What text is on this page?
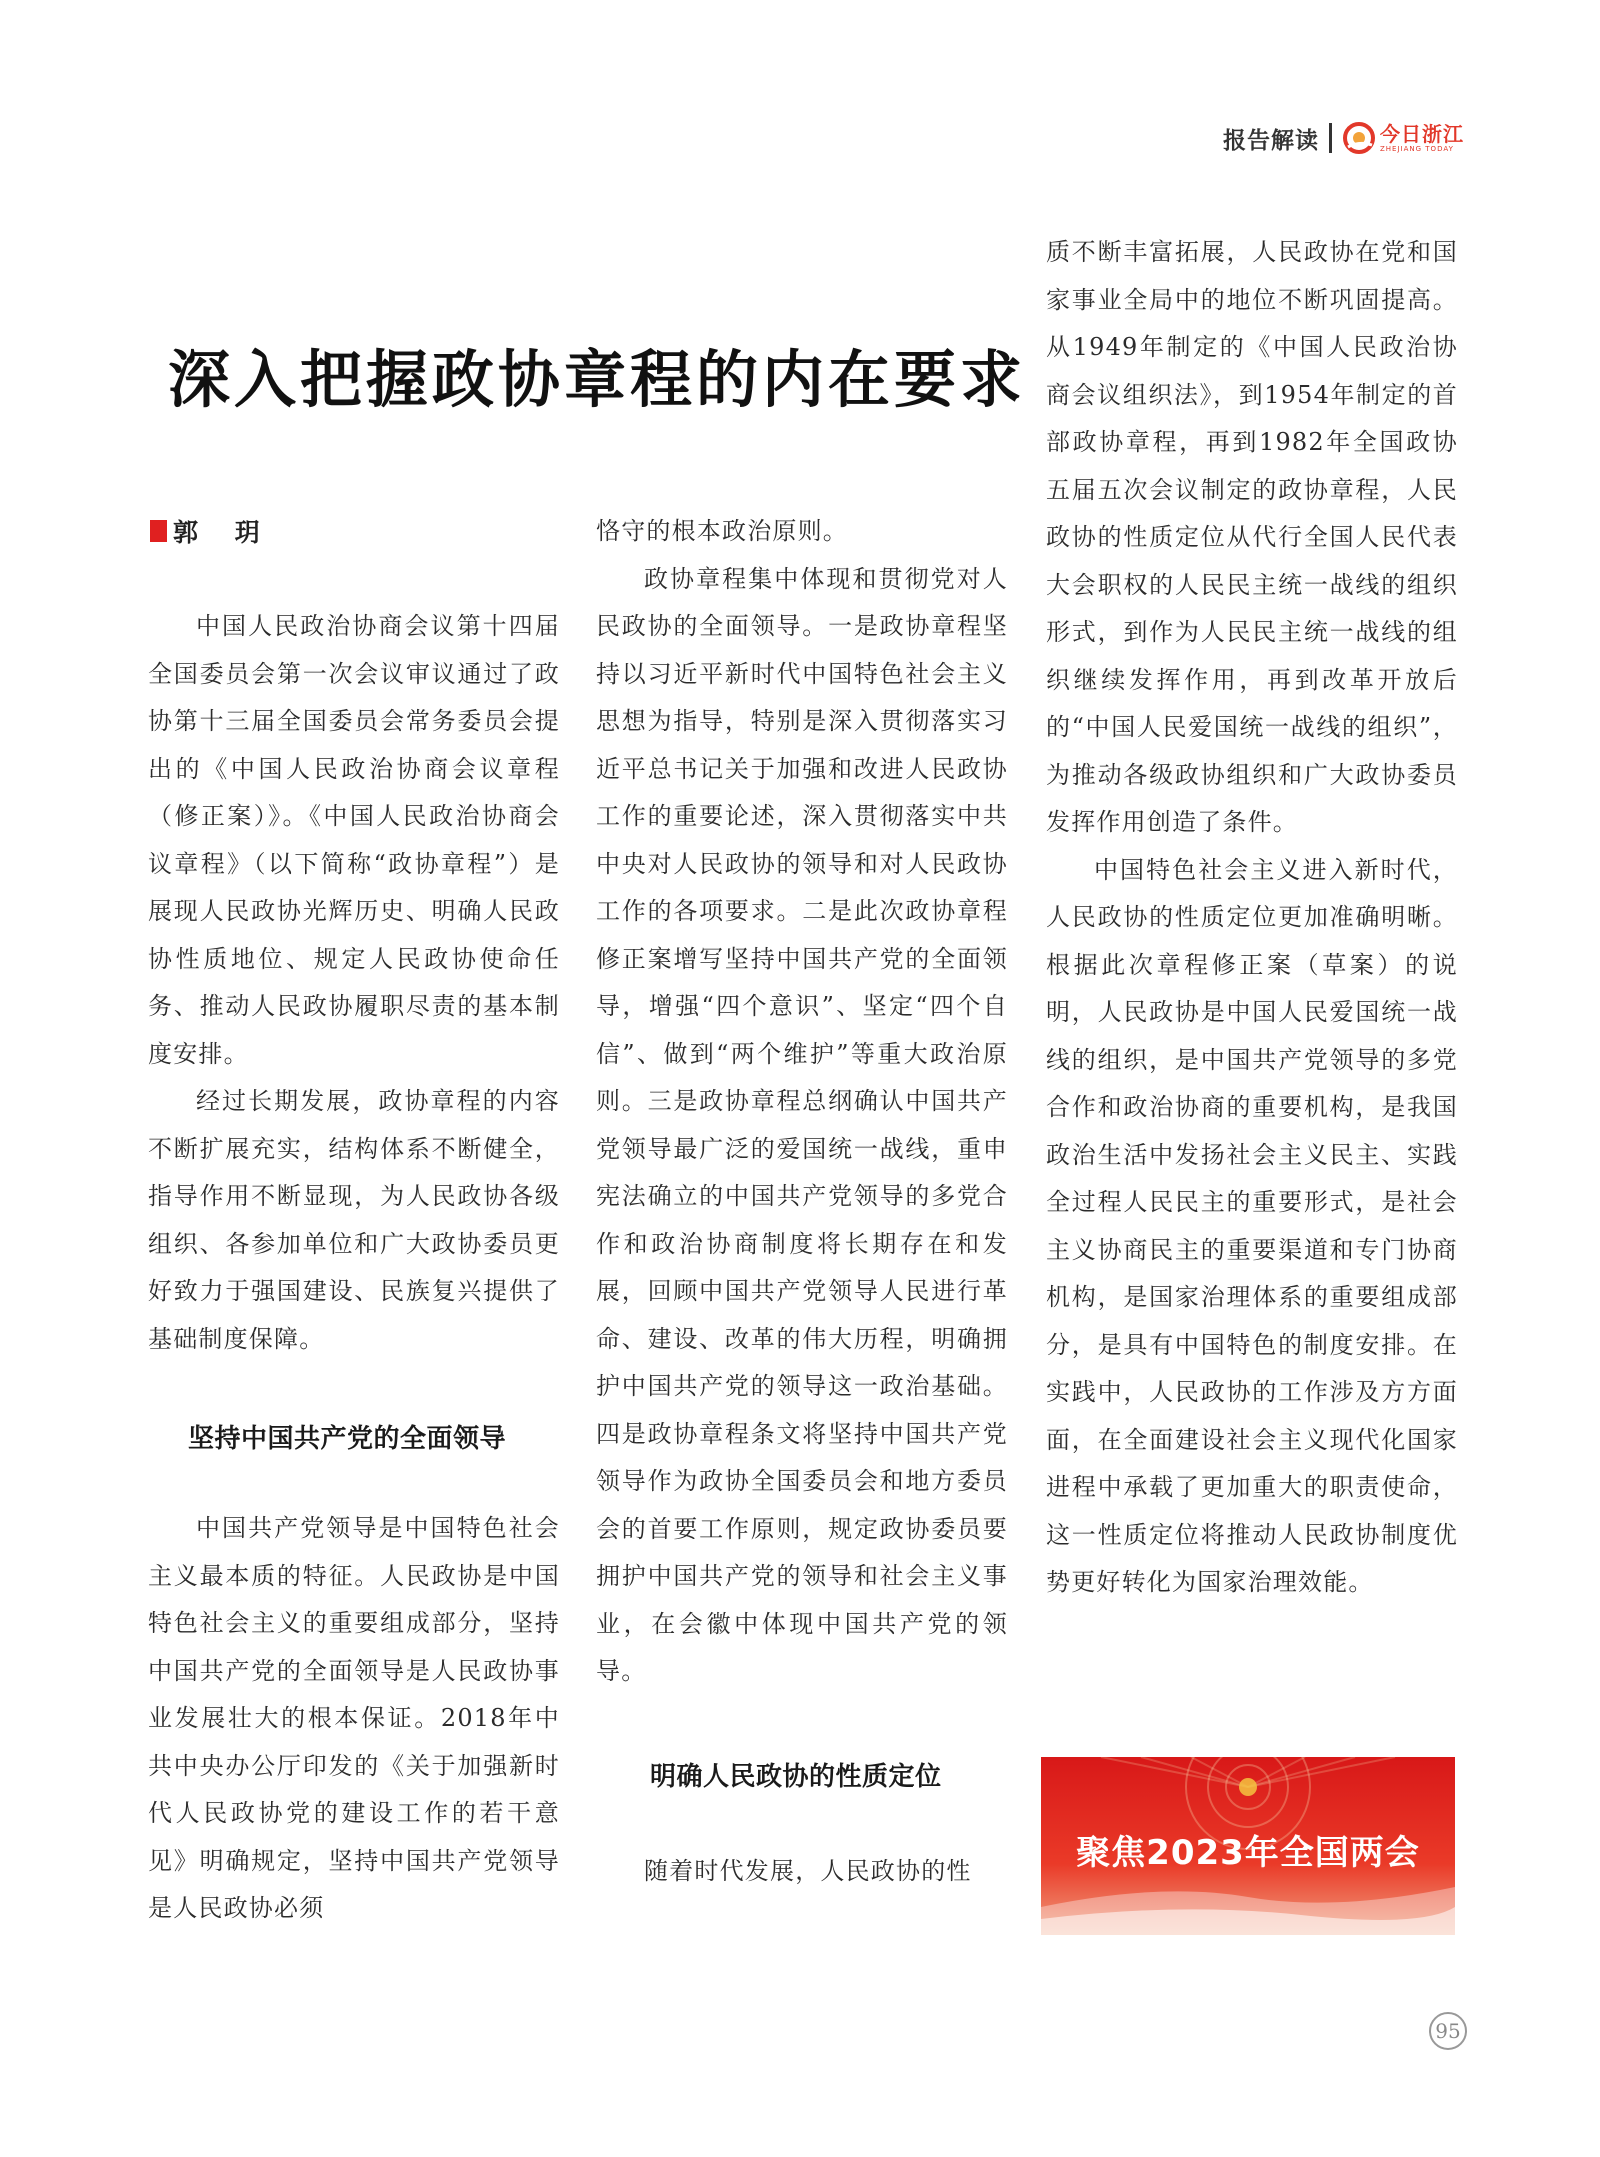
报告解读	今日浙江
ZHEJIANG TODAY
深入把握政协章程的内在要求
郭 玥

中国人民政治协商会议第十四届全国委员会第一次会议审议通过了政协第十三届全国委员会常务委员会提出的《中国人民政治协商会议章程（修正案）》。《中国人民政治协商会议章程》（以下简称“政协章程”）是展现人民政协光辉历史、明确人民政协性质地位、规定人民政协使命任务、推动人民政协履职尽责的基本制度安排。

经过长期发展，政协章程的内容不断扩展充实，结构体系不断健全，指导作用不断显现，为人民政协各级组织、各参加单位和广大政协委员更好致力于强国建设、民族复兴提供了基础制度保障。

坚持中国共产党的全面领导

中国共产党领导是中国特色社会主义最本质的特征。人民政协是中国特色社会主义的重要组成部分，坚持中国共产党的全面领导是人民政协事业发展壮大的根本保证。2018年中共中央办公厅印发的《关于加强新时代人民政协党的建设工作的若干意见》明确规定，坚持中国共产党领导是人民政协必须

恪守的根本政治原则。

政协章程集中体现和贯彻党对人民政协的全面领导。一是政协章程坚持以习近平新时代中国特色社会主义思想为指导，特别是深入贯彻落实习近平总书记关于加强和改进人民政协工作的重要论述，深入贯彻落实中共中央对人民政协的领导和对人民政协工作的各项要求。二是此次政协章程修正案增写坚持中国共产党的全面领导，增强“四个意识”、坚定“四个自信”、做到“两个维护”等重大政治原则。三是政协章程总纲确认中国共产党领导最广泛的爱国统一战线，重申宪法确立的中国共产党领导的多党合作和政治协商制度将长期存在和发展，回顾中国共产党领导人民进行革命、建设、改革的伟大历程，明确拥护中国共产党的领导这一政治基础。四是政协章程条文将坚持中国共产党领导作为政协全国委员会和地方委员会的首要工作原则，规定政协委员要拥护中国共产党的领导和社会主义事业，在会徽中体现中国共产党的领导。

明确人民政协的性质定位

随着时代发展，人民政协的性

质不断丰富拓展，人民政协在党和国家事业全局中的地位不断巩固提高。从1949年制定的《中国人民政治协商会议组织法》，到1954年制定的首部政协章程，再到1982年全国政协五届五次会议制定的政协章程，人民政协的性质定位从代行全国人民代表大会职权的人民民主统一战线的组织形式，到作为人民民主统一战线的组织继续发挥作用，再到改革开放后的“中国人民爱国统一战线的组织”，为推动各级政协组织和广大政协委员发挥作用创造了条件。

中国特色社会主义进入新时代，人民政协的性质定位更加准确明晰。根据此次章程修正案（草案）的说明，人民政协是中国人民爱国统一战线的组织，是中国共产党领导的多党合作和政治协商的重要机构，是我国政治生活中发扬社会主义民主、实践全过程人民民主的重要形式，是社会主义协商民主的重要渠道和专门协商机构，是国家治理体系的重要组成部分，是具有中国特色的制度安排。在实践中，人民政协的工作涉及方方面面，在全面建设社会主义现代化国家进程中承载了更加重大的职责使命，这一性质定位将推动人民政协制度优势更好转化为国家治理效能。

聚焦2023年全国两会
95
